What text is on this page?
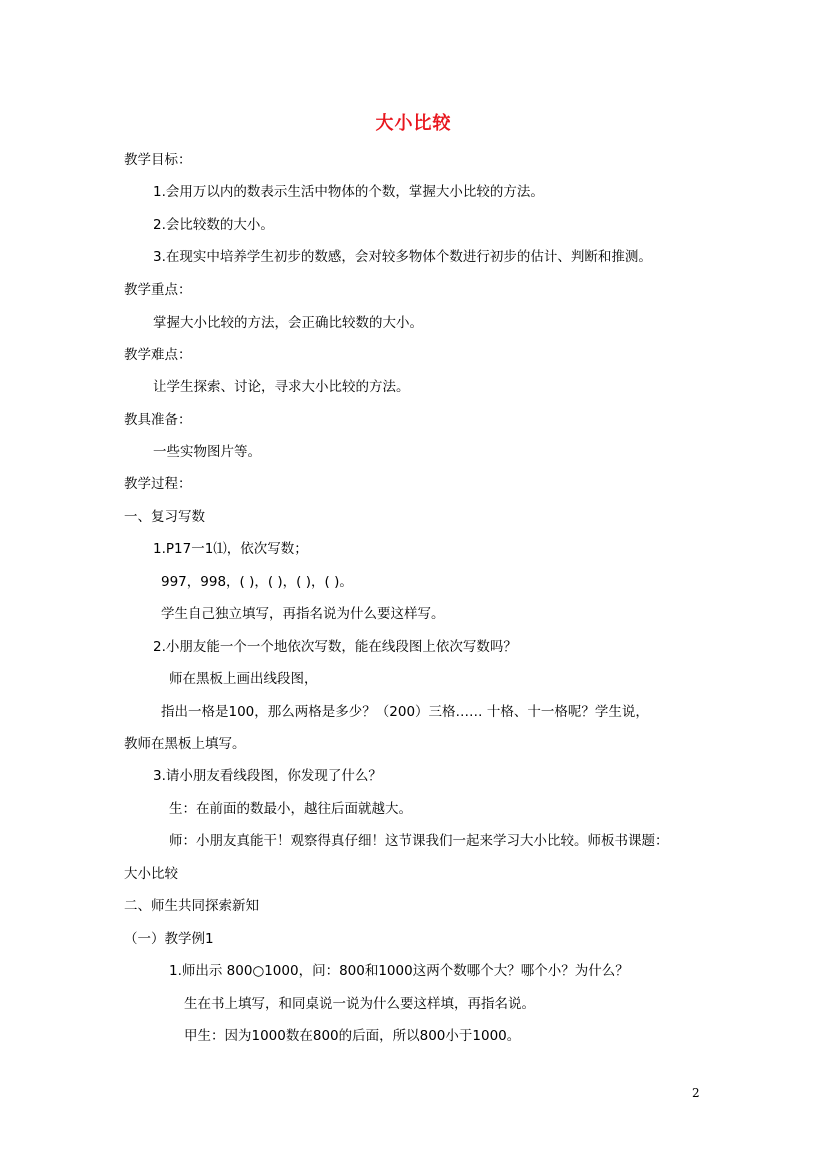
大小比较
教学目标：
1.会用万以内的数表示生活中物体的个数，掌握大小比较的方法。
2.会比较数的大小。
3.在现实中培养学生初步的数感，会对较多物体个数进行初步的估计、判断和推测。
教学重点：
掌握大小比较的方法，会正确比较数的大小。
教学难点：
让学生探索、讨论，寻求大小比较的方法。
教具准备：
一些实物图片等。
教学过程：
一、复习写数
1.P17一1⑴，依次写数；
997，998，( )，( )，( )，( )。
学生自己独立填写，再指名说为什么要这样写。
2.小朋友能一个一个地依次写数，能在线段图上依次写数吗？
师在黑板上画出线段图，
指出一格是100，那么两格是多少？（200）三格…… 十格、十一格呢？学生说，
教师在黑板上填写。
3.请小朋友看线段图，你发现了什么？
生：在前面的数最小，越往后面就越大。
师：小朋友真能干！观察得真仔细！这节课我们一起来学习大小比较。师板书课题：
大小比较
二、师生共同探索新知
（一）教学例1
1.师出示 800○1000，问：800和1000这两个数哪个大？哪个小？为什么？
生在书上填写，和同桌说一说为什么要这样填，再指名说。
甲生：因为1000数在800的后面，所以800小于1000。
2
